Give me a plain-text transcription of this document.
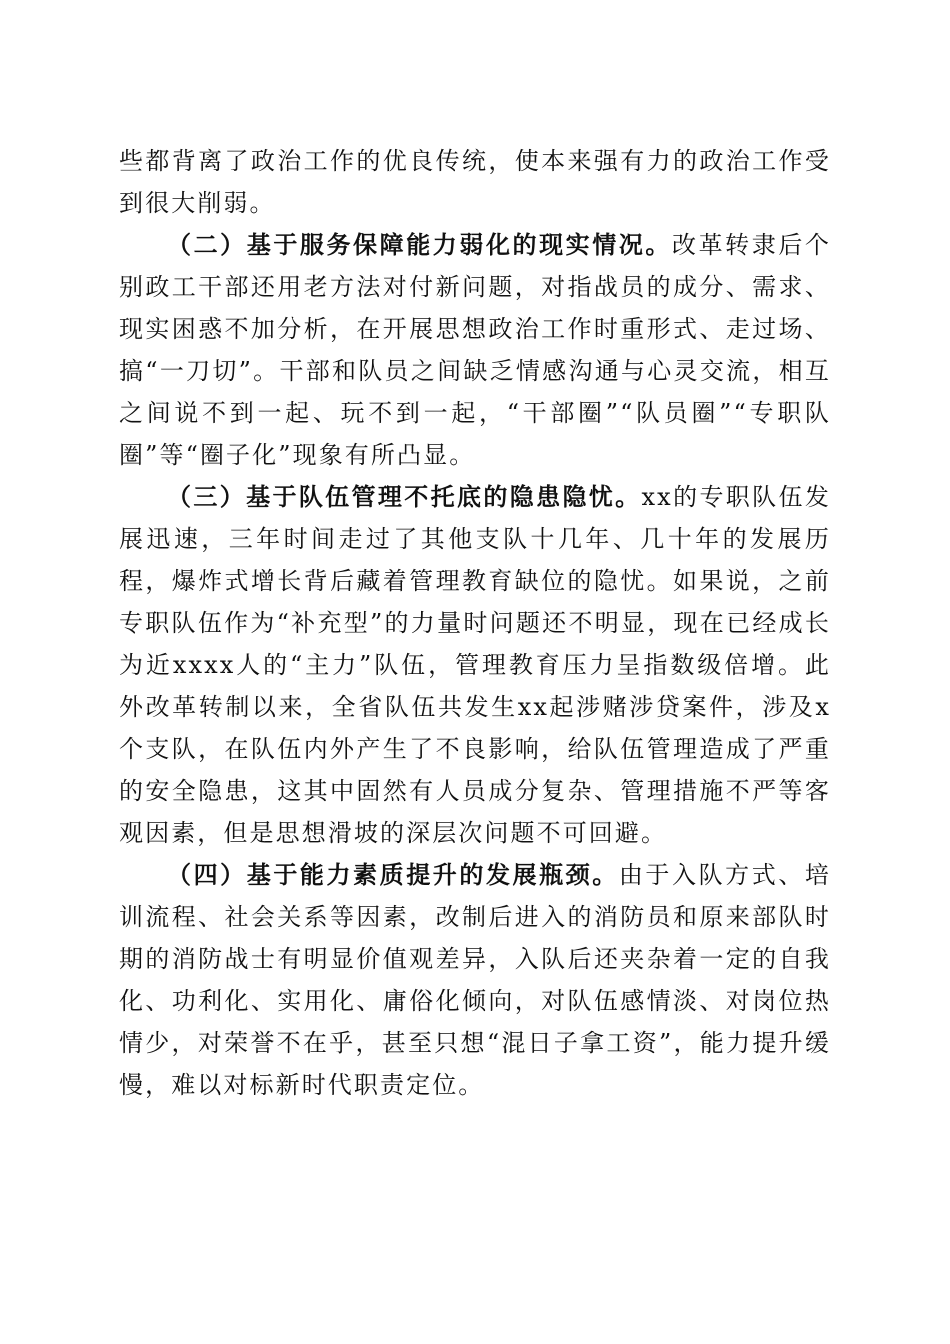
些都背离了政治工作的优良传统，使本来强有力的政治工作受到很大削弱。

（二）基于服务保障能力弱化的现实情况。改革转隶后个别政工干部还用老方法对付新问题，对指战员的成分、需求、现实困惑不加分析，在开展思想政治工作时重形式、走过场、搞“一刀切”。干部和队员之间缺乏情感沟通与心灵交流，相互之间说不到一起、玩不到一起，“干部圈”“队员圈”“专职队圈”等“圈子化”现象有所凸显。

（三）基于队伍管理不托底的隐患隐忧。xx的专职队伍发展迅速，三年时间走过了其他支队十几年、几十年的发展历程，爆炸式增长背后藏着管理教育缺位的隐忧。如果说，之前专职队伍作为“补充型”的力量时问题还不明显，现在已经成长为近xxxx人的“主力”队伍，管理教育压力呈指数级倍增。此外改革转制以来，全省队伍共发生xx起涉赌涉贷案件，涉及x个支队，在队伍内外产生了不良影响，给队伍管理造成了严重的安全隐患，这其中固然有人员成分复杂、管理措施不严等客观因素，但是思想滑坡的深层次问题不可回避。

（四）基于能力素质提升的发展瓶颈。由于入队方式、培训流程、社会关系等因素，改制后进入的消防员和原来部队时期的消防战士有明显价值观差异，入队后还夹杂着一定的自我化、功利化、实用化、庸俗化倾向，对队伍感情淡、对岗位热情少，对荣誉不在乎，甚至只想“混日子拿工资”，能力提升缓慢，难以对标新时代职责定位。
